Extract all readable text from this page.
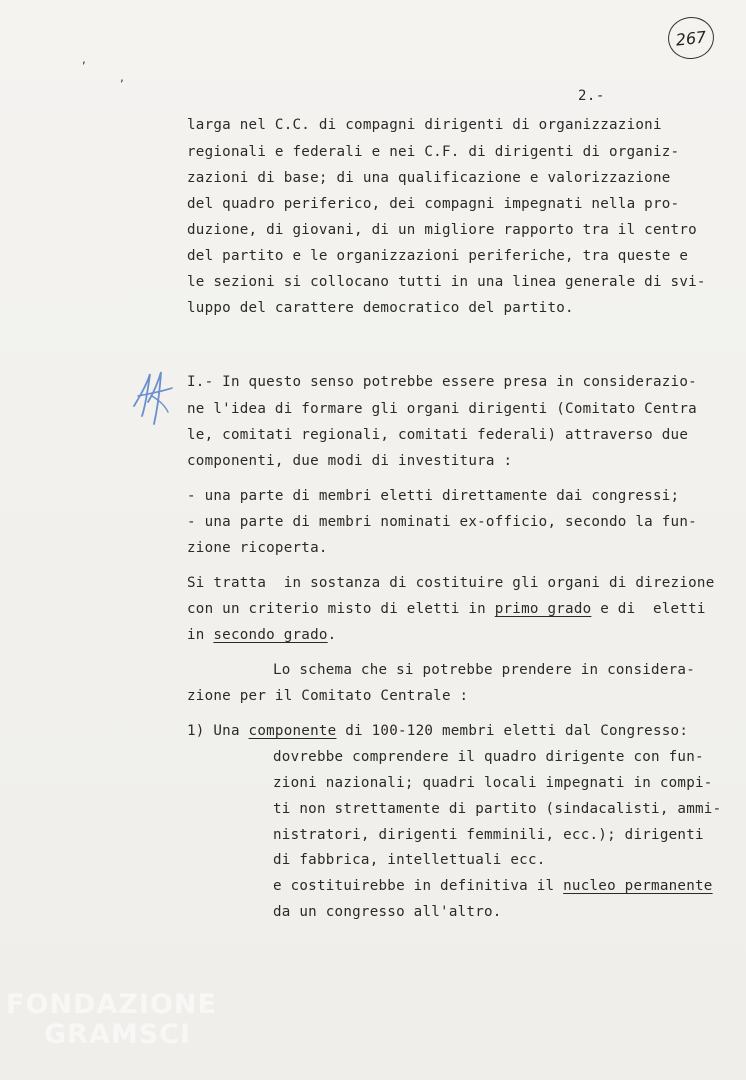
267
,
,
2.-
larga nel C.C. di compagni dirigenti di organizzazioni
regionali e federali e nei C.F. di dirigenti di organiz-
zazioni di base; di una qualificazione e valorizzazione
del quadro periferico, dei compagni impegnati nella pro-
duzione, di giovani, di un migliore rapporto tra il centro
del partito e le organizzazioni periferiche, tra queste e
le sezioni si collocano tutti in una linea generale di svi-
luppo del carattere democratico del partito.
I.- In questo senso potrebbe essere presa in considerazio-
ne l'idea di formare gli organi dirigenti (Comitato Centra
le, comitati regionali, comitati federali) attraverso due
componenti, due modi di investitura :
- una parte di membri eletti direttamente dai congressi;
- una parte di membri nominati ex-officio, secondo la fun-
zione ricoperta.
Si tratta  in sostanza di costituire gli organi di direzione
con un criterio misto di eletti in primo grado e di  eletti
in secondo grado.
Lo schema che si potrebbe prendere in considera-
zione per il Comitato Centrale :
1) Una componente di 100-120 membri eletti dal Congresso:
dovrebbe comprendere il quadro dirigente con fun-
zioni nazionali; quadri locali impegnati in compi-
ti non strettamente di partito (sindacalisti, ammi-
nistratori, dirigenti femminili, ecc.); dirigenti
di fabbrica, intellettuali ecc.
e costituirebbe in definitiva il nucleo permanente
da un congresso all'altro.
FONDAZIONE
GRAMSCI
